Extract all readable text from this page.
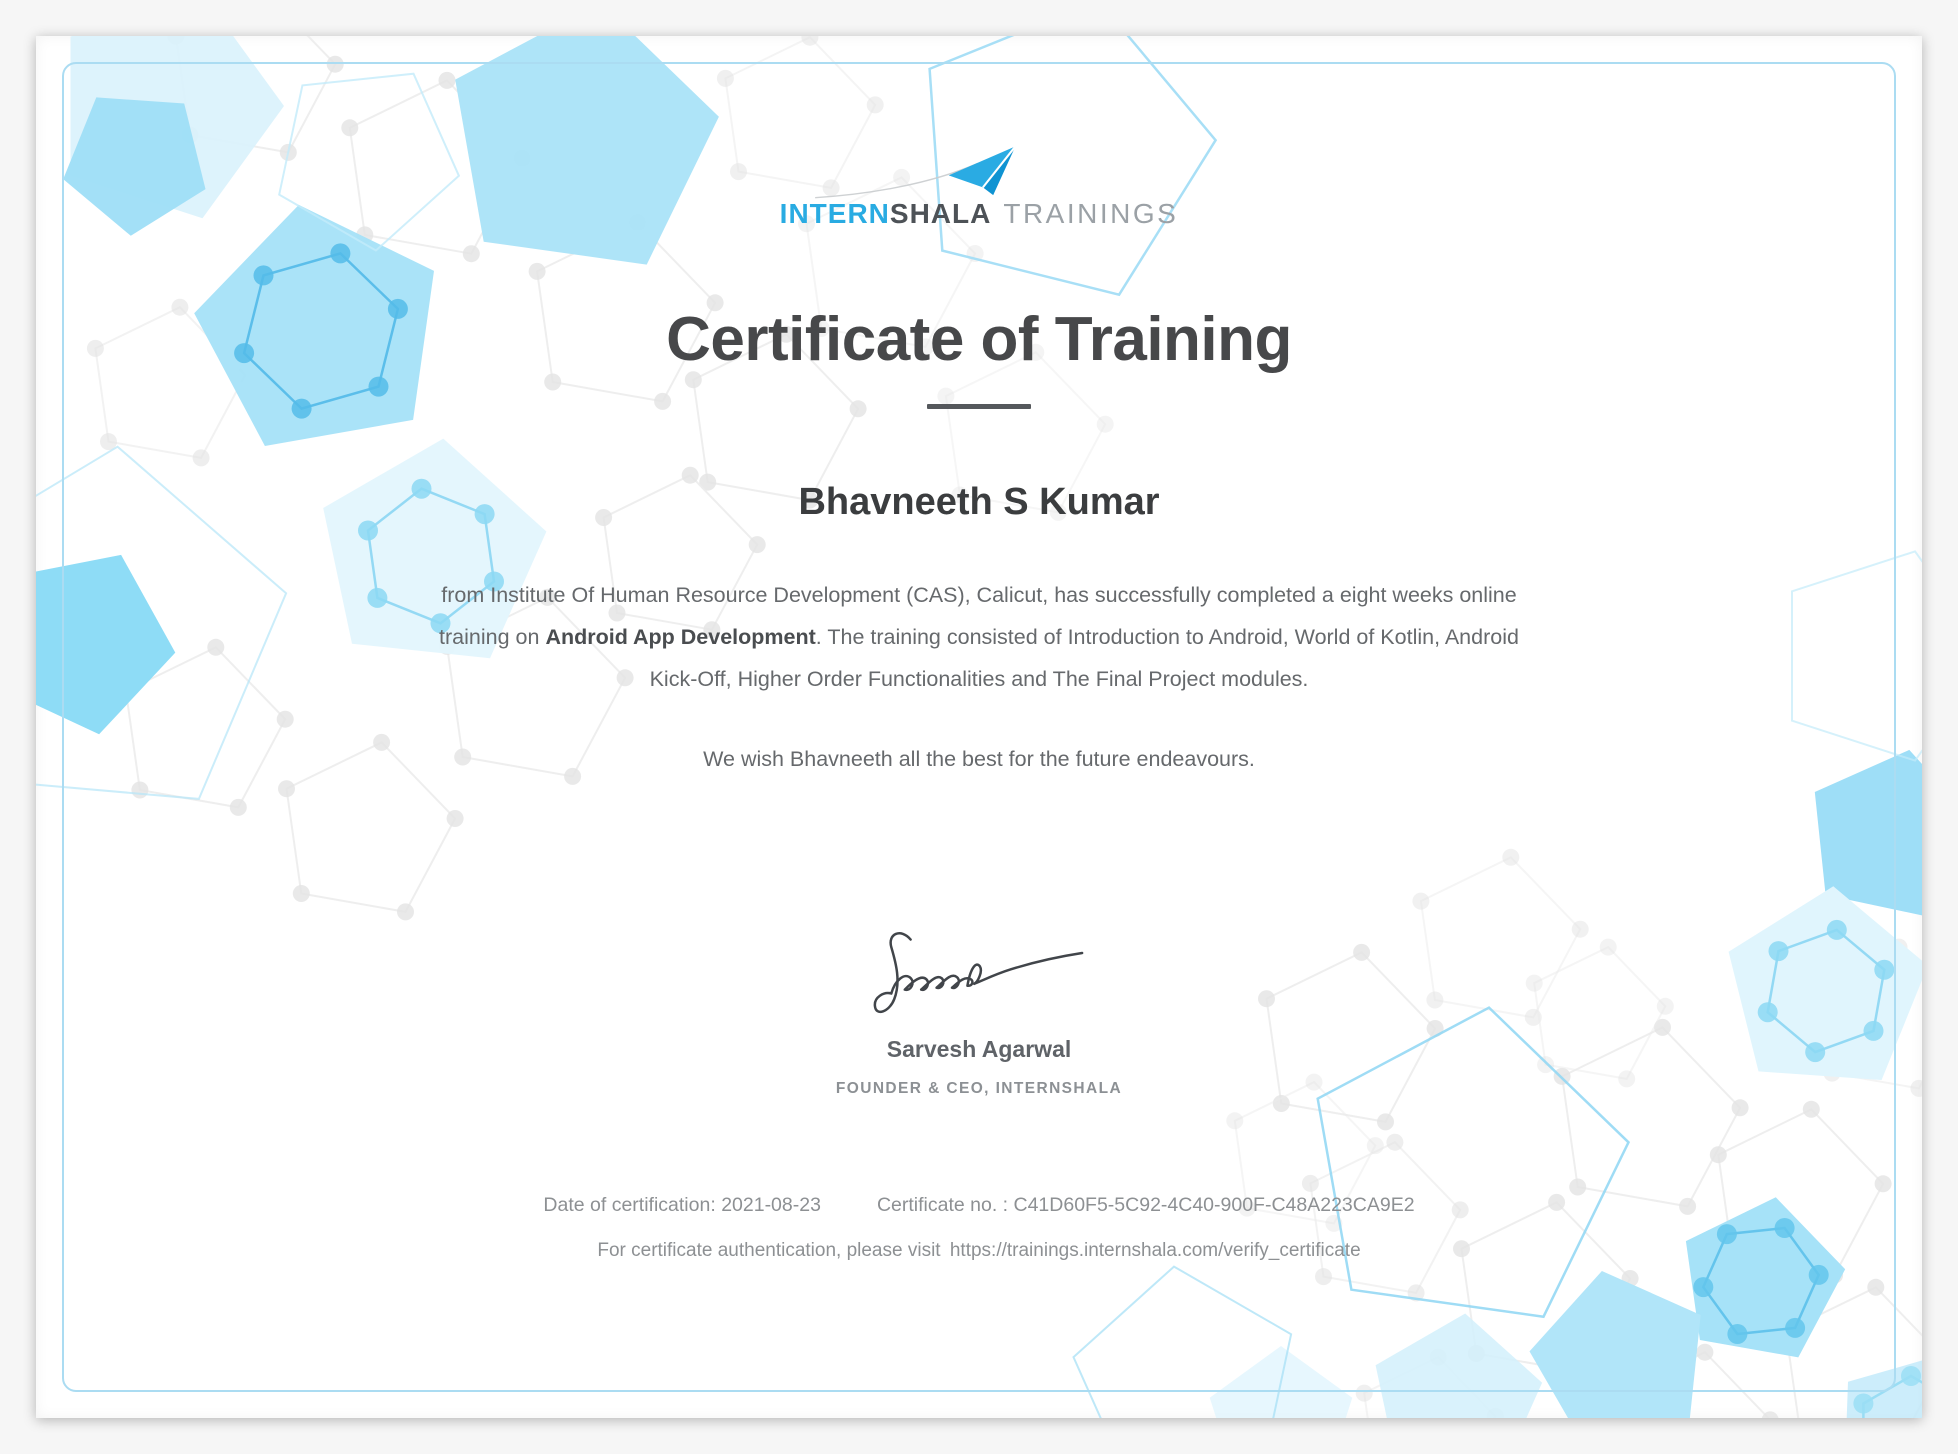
INTERNSHALA TRAININGS
Certificate of Training
Bhavneeth S Kumar

from Institute Of Human Resource Development (CAS), Calicut, has successfully completed a eight weeks online training on Android App Development. The training consisted of Introduction to Android, World of Kotlin, Android Kick-Off, Higher Order Functionalities and The Final Project modules.

We wish Bhavneeth all the best for the future endeavours.

Sarvesh Agarwal
FOUNDER & CEO, INTERNSHALA
Date of certification: 2021-08-23	Certificate no. : C41D60F5-5C92-4C40-900F-C48A223CA9E2
For certificate authentication, please visit https://trainings.internshala.com/verify_certificate
